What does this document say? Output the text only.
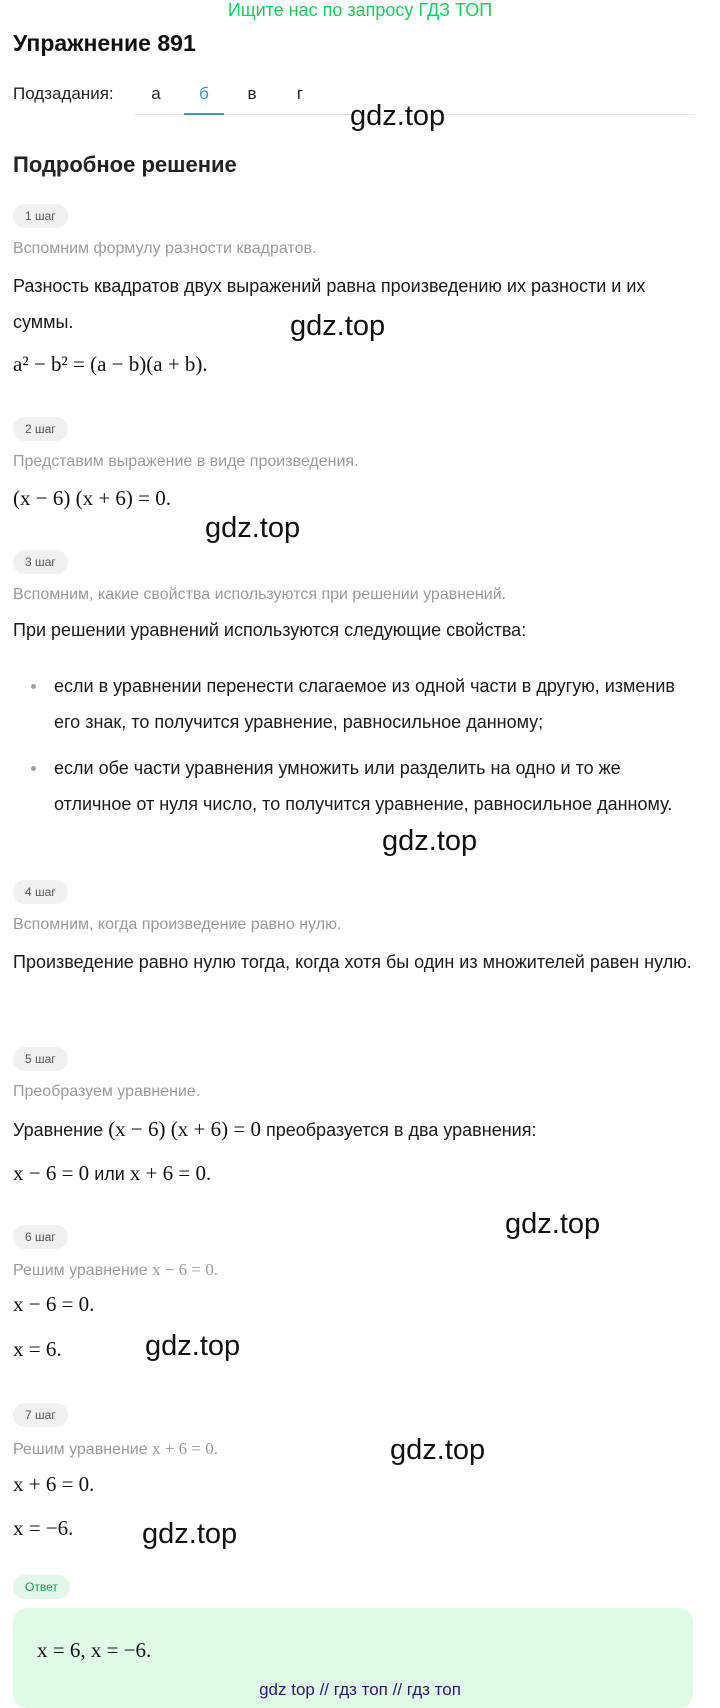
Ищите нас по запросу ГДЗ ТОП
Упражнение 891
Подзадания:	а	б	в	г
gdz.top
gdz.top
gdz.top
gdz.top
gdz.top
gdz.top
gdz.top
gdz.top
Подробное решение
1 шаг
Вспомним формулу разности квадратов.
Разность квадратов двух выражений равна произведению их разности и их суммы.
a² − b² = (a − b)(a + b).
2 шаг
Представим выражение в виде произведения.
(x − 6) (x + 6) = 0.
3 шаг
Вспомним, какие свойства используются при решении уравнений.
При решении уравнений используются следующие свойства:
если в уравнении перенести слагаемое из одной части в другую, изменив его знак, то получится уравнение, равносильное данному;
если обе части уравнения умножить или разделить на одно и то же отличное от нуля число, то получится уравнение, равносильное данному.
4 шаг
Вспомним, когда произведение равно нулю.
Произведение равно нулю тогда, когда хотя бы один из множителей равен нулю.
5 шаг
Преобразуем уравнение.
Уравнение (x − 6) (x + 6) = 0 преобразуется в два уравнения:
x − 6 = 0 или x + 6 = 0.
6 шаг
Решим уравнение x − 6 = 0.
x − 6 = 0.
x = 6.
7 шаг
Решим уравнение x + 6 = 0.
x + 6 = 0.
x = −6.
Ответ
x = 6, x = −6.
gdz top // гдз топ // гдз топ
